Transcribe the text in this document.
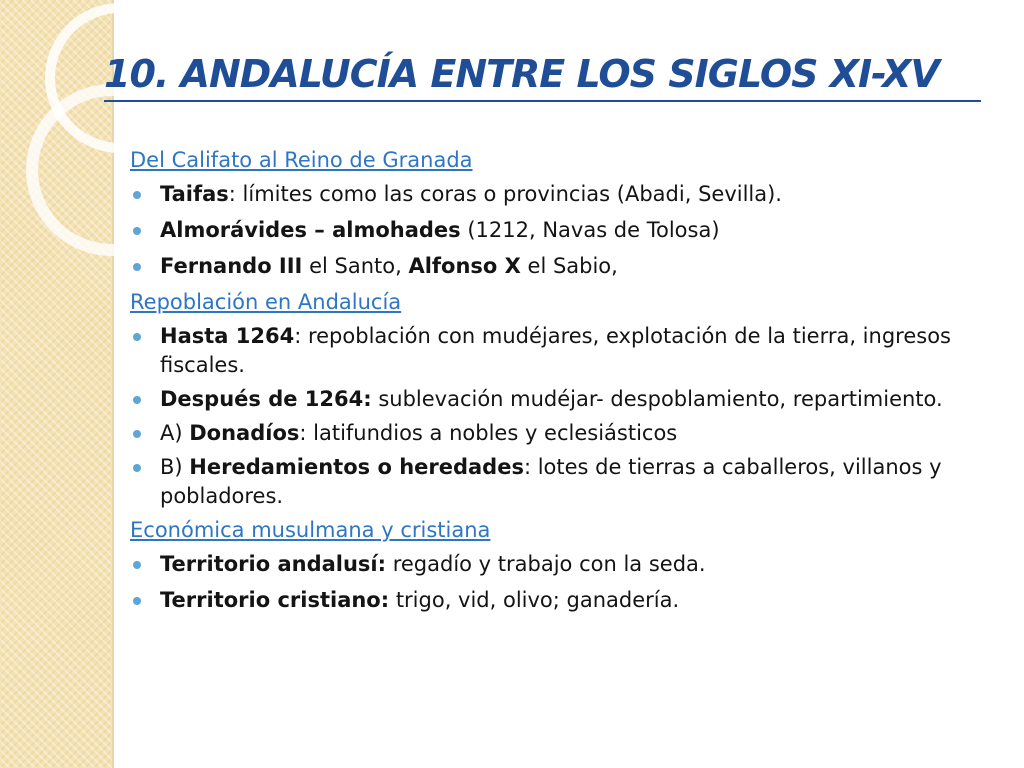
10. ANDALUCÍA ENTRE LOS SIGLOS XI-XV
Del Califato al Reino de Granada
Taifas: límites como las coras o provincias (Abadi, Sevilla).
Almorávides – almohades (1212, Navas de Tolosa)
Fernando III el Santo, Alfonso X el Sabio,
Repoblación en Andalucía
Hasta 1264: repoblación con mudéjares, explotación de la tierra, ingresos fiscales.
Después de 1264: sublevación mudéjar- despoblamiento, repartimiento.
A) Donadíos: latifundios a nobles y eclesiásticos
B) Heredamientos o heredades: lotes de tierras a caballeros, villanos y pobladores.
Económica musulmana y cristiana
Territorio andalusí: regadío y trabajo con la seda.
Territorio cristiano: trigo, vid, olivo; ganadería.
